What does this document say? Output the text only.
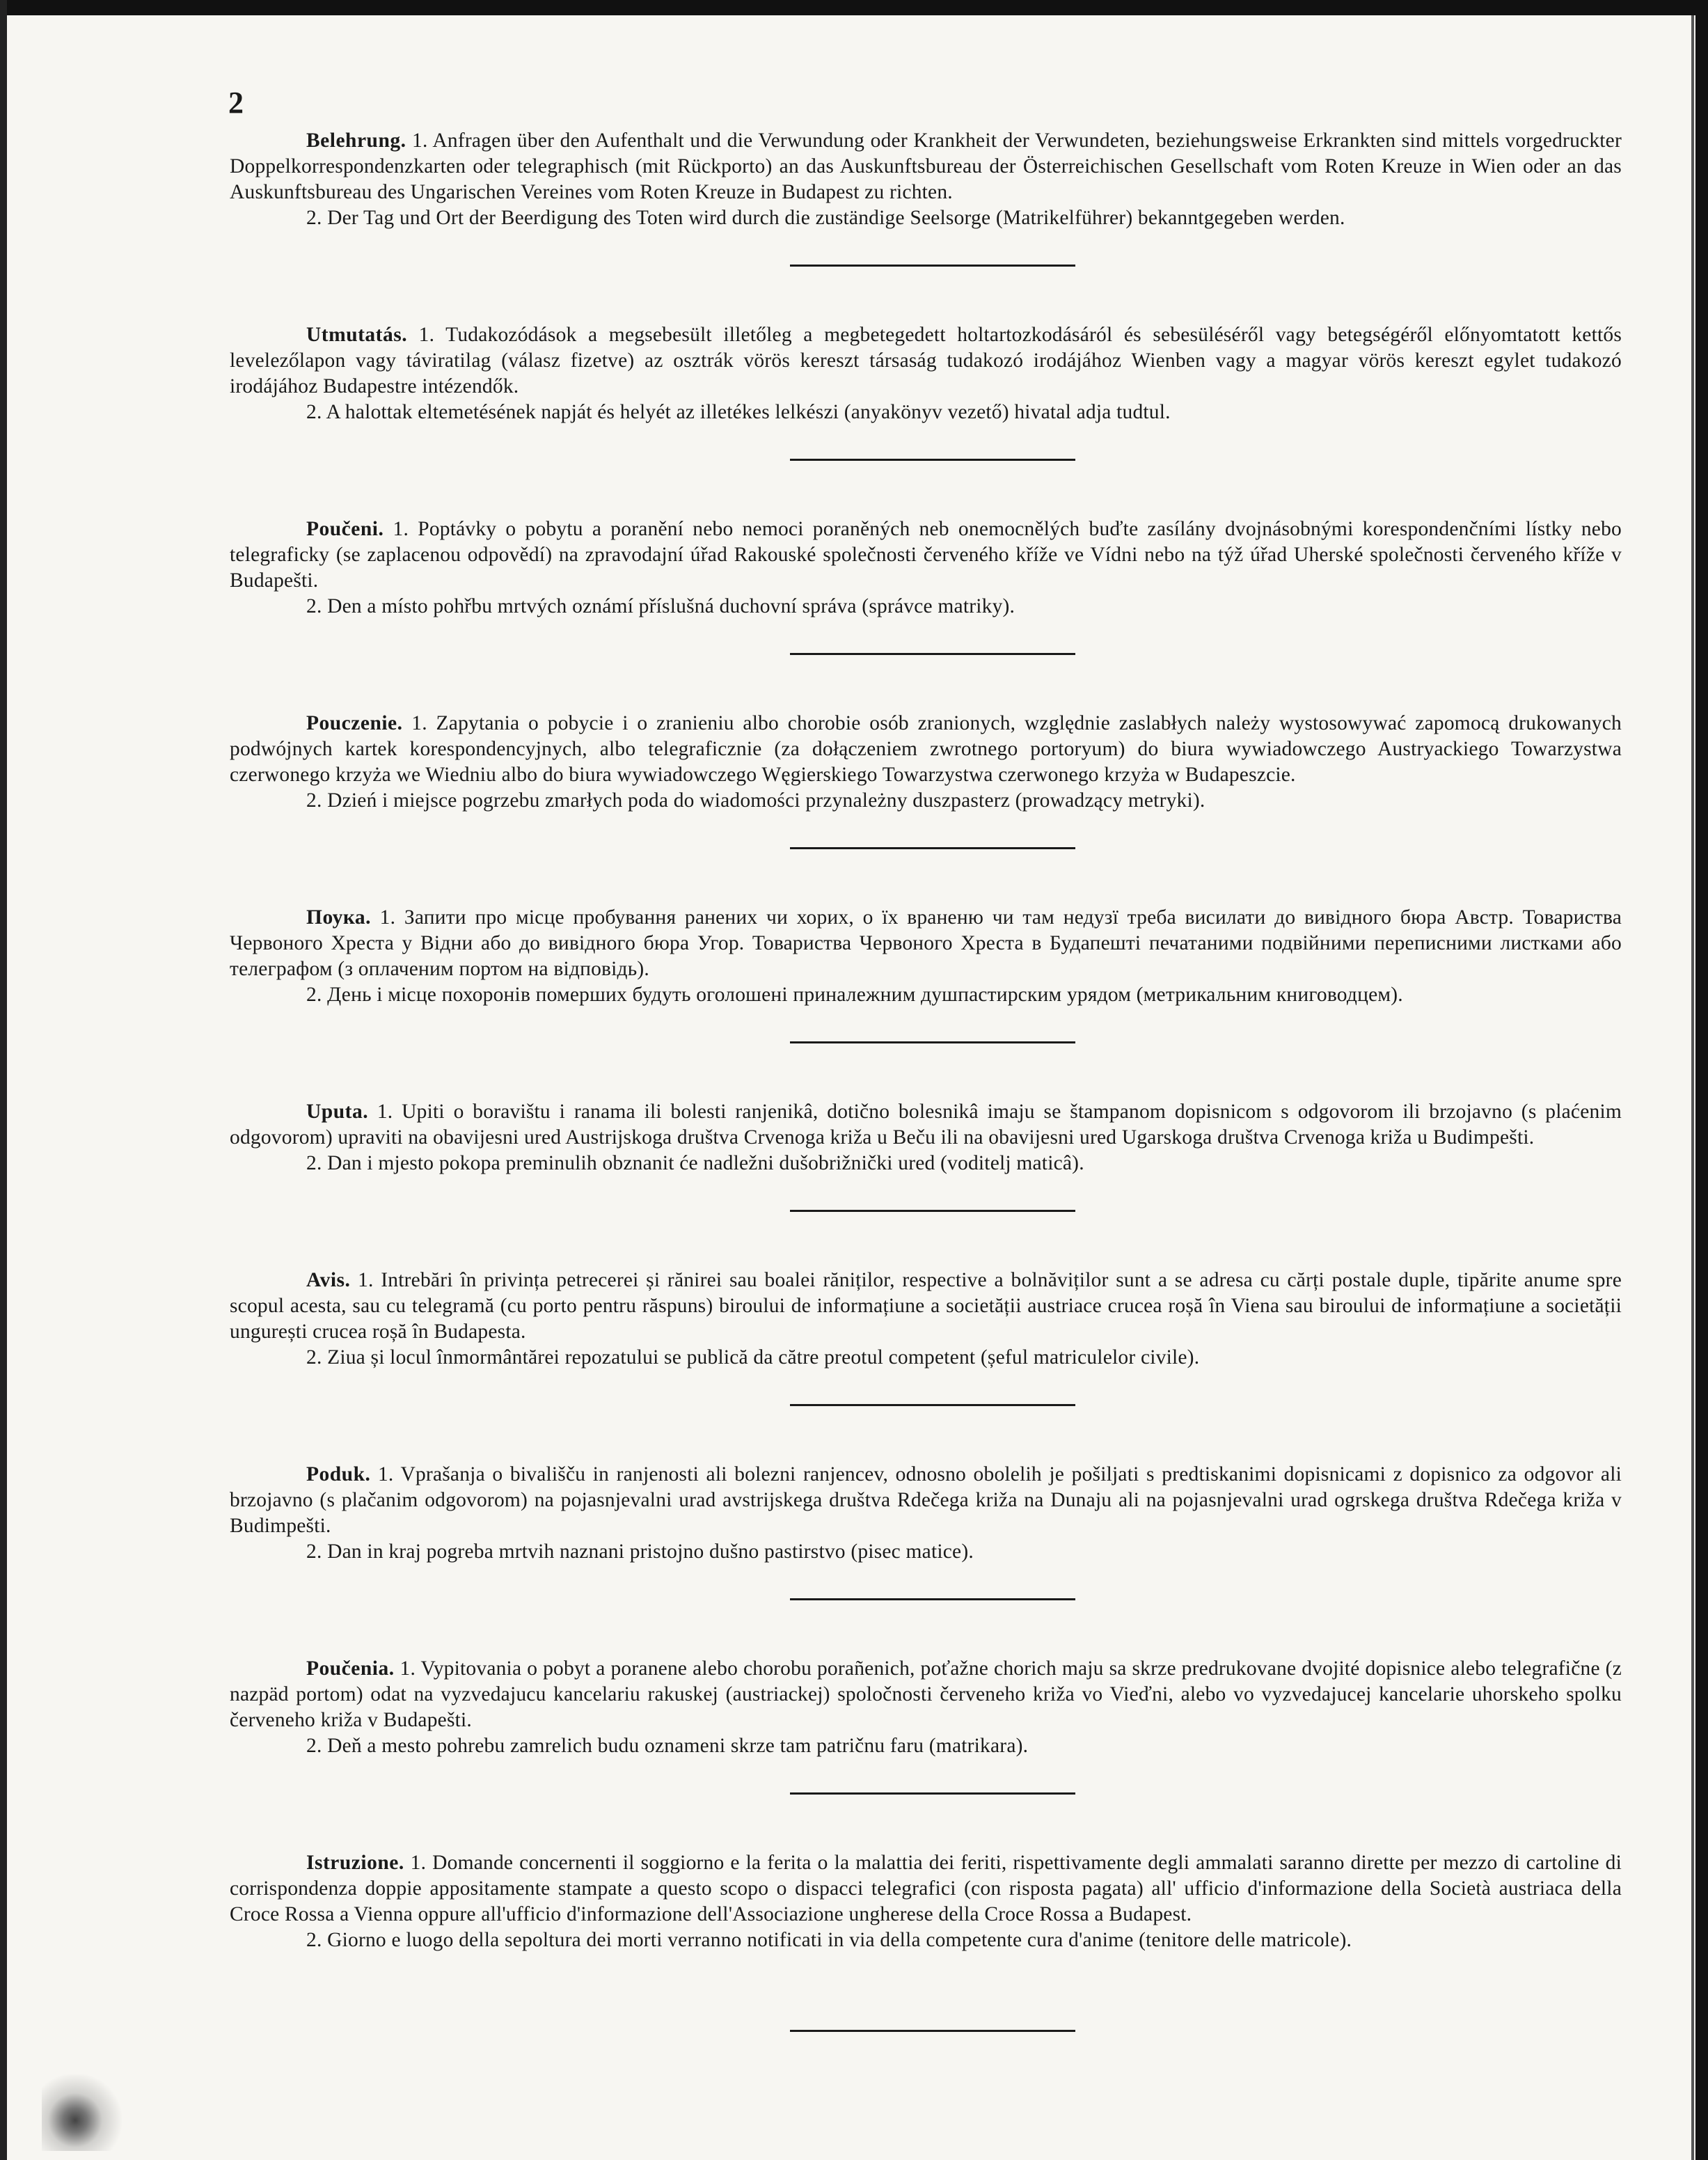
2

Belehrung. 1. Anfragen über den Aufenthalt und die Verwundung oder Krankheit der Verwundeten, beziehungsweise Erkrankten sind mittels vorgedruckter Doppelkorrespondenzkarten oder telegraphisch (mit Rückporto) an das Auskunftsbureau der Österreichischen Gesellschaft vom Roten Kreuze in Wien oder an das Auskunftsbureau des Ungarischen Vereines vom Roten Kreuze in Budapest zu richten.

2. Der Tag und Ort der Beerdigung des Toten wird durch die zuständige Seelsorge (Matrikelführer) bekanntgegeben werden.

Utmutatás. 1. Tudakozódások a megsebesült illetőleg a megbetegedett holtartozkodásáról és sebesüléséről vagy betegségéről előnyomtatott kettős levelezőlapon vagy táviratilag (válasz fizetve) az osztrák vörös kereszt társaság tudakozó irodájához Wienben vagy a magyar vörös kereszt egylet tudakozó irodájához Budapestre intézendők.

2. A halottak eltemetésének napját és helyét az illetékes lelkészi (anyakönyv vezető) hivatal adja tudtul.

Poučeni. 1. Poptávky o pobytu a poranění nebo nemoci poraněných neb onemocnělých buďte zasílány dvojnásobnými korespondenčními lístky nebo telegraficky (se zaplacenou odpovědí) na zpravodajní úřad Rakouské společnosti červeného kříže ve Vídni nebo na týž úřad Uherské společnosti červeného kříže v Budapešti.

2. Den a místo pohřbu mrtvých oznámí příslušná duchovní správa (správce matriky).

Pouczenie. 1. Zapytania o pobycie i o zranieniu albo chorobie osób zranionych, względnie zaslabłych należy wystosowywać zapomocą drukowanych podwójnych kartek korespondencyjnych, albo telegraficznie (za dołączeniem zwrotnego portoryum) do biura wywiadowczego Austryackiego Towarzystwa czerwonego krzyża we Wiedniu albo do biura wywiadowczego Węgierskiego Towarzystwa czerwonego krzyża w Budapeszcie.

2. Dzień i miejsce pogrzebu zmarłych poda do wiadomości przynależny duszpasterz (prowadzący metryki).

Поука. 1. Запити про місце пробування ранених чи хорих, о їх враненю чи там недузї треба висилати до вивідного бюра Австр. Товариства Червоного Хреста у Відни або до вивідного бюра Угор. Товариства Червоного Хреста в Будапешті печатаними подвійними переписними листками або телеграфом (з оплаченим портом на відповідь).

2. День і місце похоронів померших будуть оголошені приналежним душпастирским урядом (метрикальним книговодцем).

Uputa. 1. Upiti o boravištu i ranama ili bolesti ranjenikâ, dotično bolesnikâ imaju se štampanom dopisnicom s odgovorom ili brzojavno (s plaćenim odgovorom) upraviti na obavijesni ured Austrijskoga društva Crvenoga križa u Beču ili na obavijesni ured Ugarskoga društva Crvenoga križa u Budimpešti.

2. Dan i mjesto pokopa preminulih obznanit će nadležni dušobrižnički ured (voditelj maticâ).

Avis. 1. Intrebări în privința petrecerei și rănirei sau boalei răniților, respective a bolnăviților sunt a se adresa cu cărți postale duple, tipărite anume spre scopul acesta, sau cu telegramă (cu porto pentru răspuns) biroului de informațiune a societății austriace crucea roșă în Viena sau biroului de informațiune a societății ungurești crucea roșă în Budapesta.

2. Ziua și locul înmormântărei repozatului se publică da către preotul competent (șeful matriculelor civile).

Poduk. 1. Vprašanja o bivališču in ranjenosti ali bolezni ranjencev, odnosno obolelih je pošiljati s predtiskanimi dopisnicami z dopisnico za odgovor ali brzojavno (s plačanim odgovorom) na pojasnjevalni urad avstrijskega društva Rdečega križa na Dunaju ali na pojasnjevalni urad ogrskega društva Rdečega križa v Budimpešti.

2. Dan in kraj pogreba mrtvih naznani pristojno dušno pastirstvo (pisec matice).

Poučenia. 1. Vypitovania o pobyt a poranene alebo chorobu porañenich, poťažne chorich maju sa skrze predrukovane dvojité dopisnice alebo telegrafične (z nazpäd portom) odat na vyzvedajucu kancelariu rakuskej (austriackej) spoločnosti červeneho križa vo Vieďni, alebo vo vyzvedajucej kancelarie uhorskeho spolku červeneho križa v Budapešti.

2. Deň a mesto pohrebu zamrelich budu oznameni skrze tam patričnu faru (matrikara).

Istruzione. 1. Domande concernenti il soggiorno e la ferita o la malattia dei feriti, rispettivamente degli ammalati saranno dirette per mezzo di cartoline di corrispondenza doppie appositamente stampate a questo scopo o dispacci telegrafici (con risposta pagata) all' ufficio d'informazione della Società austriaca della Croce Rossa a Vienna oppure all'ufficio d'informazione dell'Associazione ungherese della Croce Rossa a Budapest.

2. Giorno e luogo della sepoltura dei morti verranno notificati in via della competente cura d'anime (tenitore delle matricole).
